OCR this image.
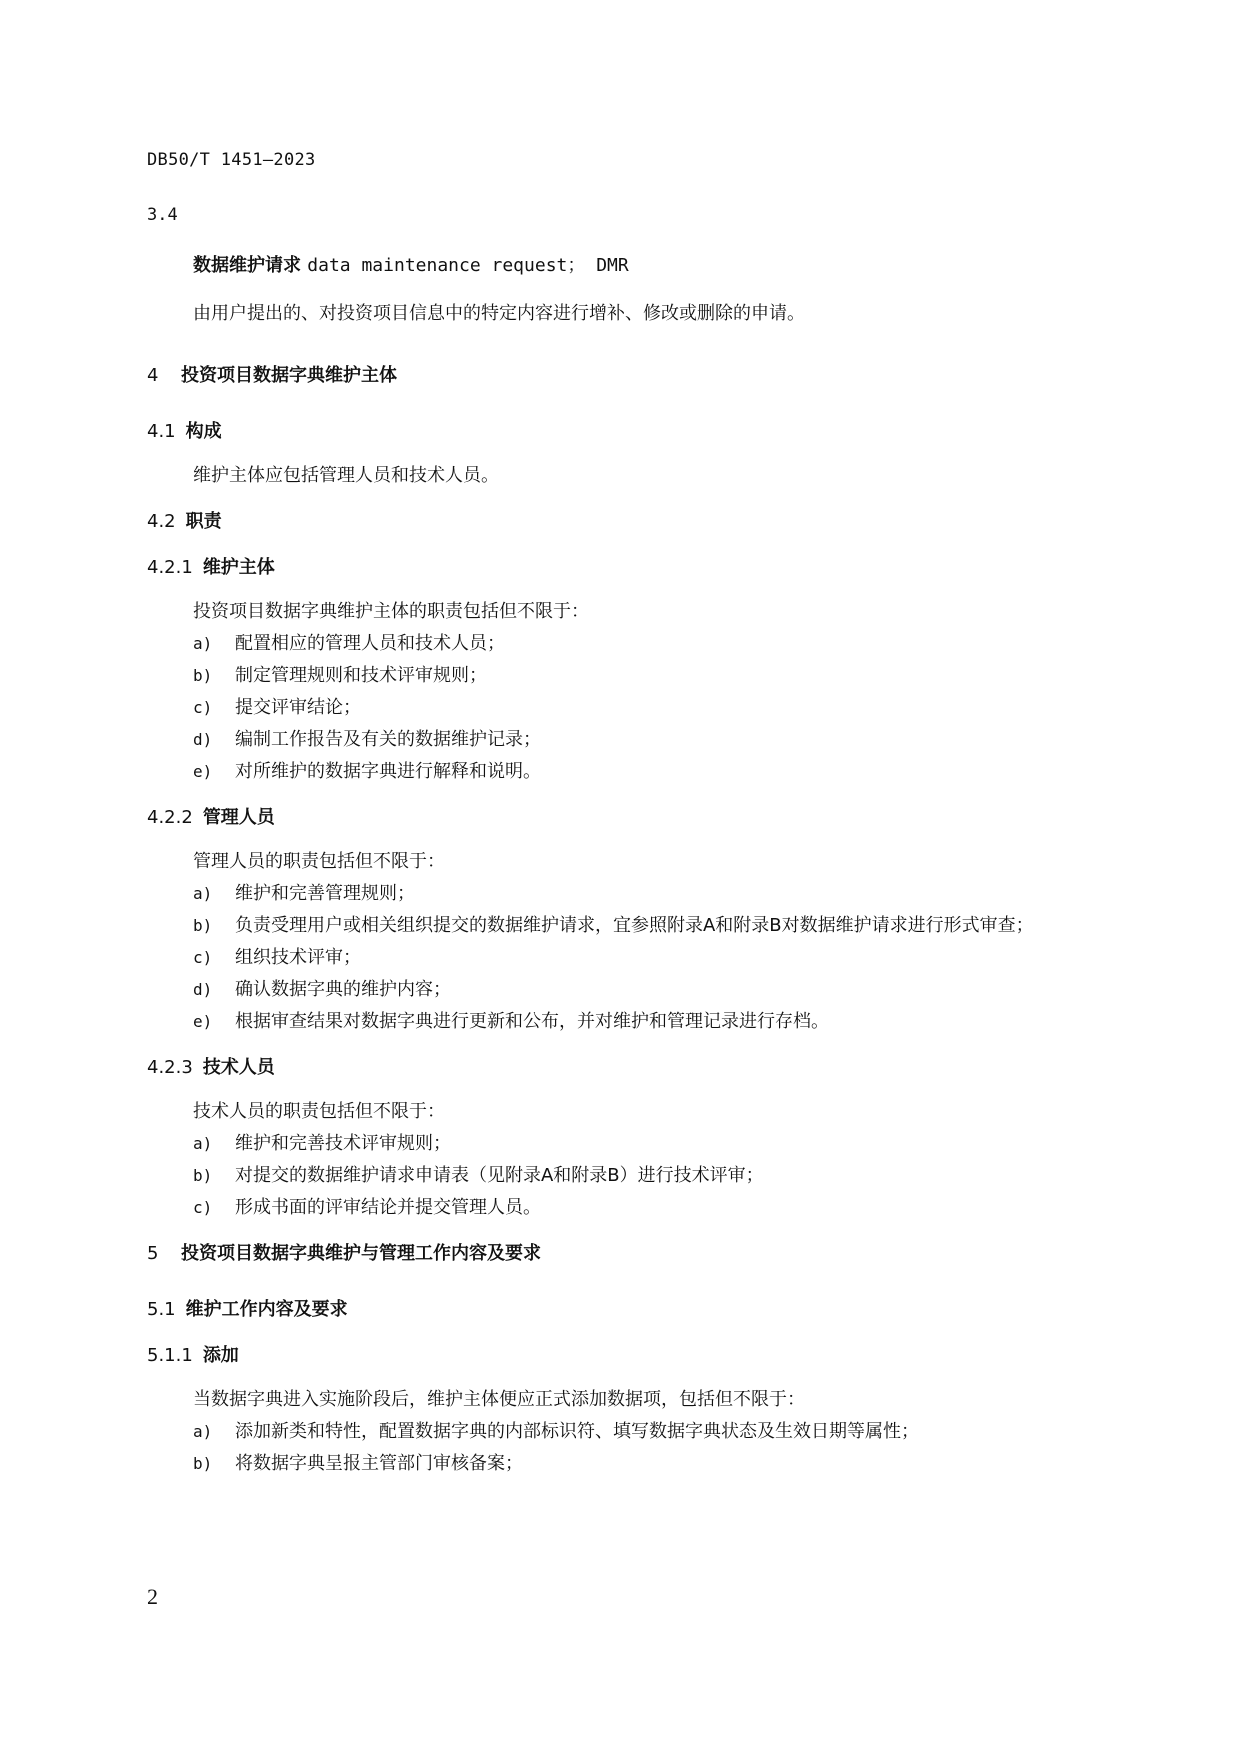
DB50/T 1451—2023
3.4
数据维护请求 data maintenance request； DMR
由用户提出的、对投资项目信息中的特定内容进行增补、修改或删除的申请。
4 投资项目数据字典维护主体
4.1 构成
维护主体应包括管理人员和技术人员。
4.2 职责
4.2.1 维护主体
投资项目数据字典维护主体的职责包括但不限于：
a) 配置相应的管理人员和技术人员；
b) 制定管理规则和技术评审规则；
c) 提交评审结论；
d) 编制工作报告及有关的数据维护记录；
e) 对所维护的数据字典进行解释和说明。
4.2.2 管理人员
管理人员的职责包括但不限于：
a) 维护和完善管理规则；
b) 负责受理用户或相关组织提交的数据维护请求，宜参照附录A和附录B对数据维护请求进行形式审查；
c) 组织技术评审；
d) 确认数据字典的维护内容；
e) 根据审查结果对数据字典进行更新和公布，并对维护和管理记录进行存档。
4.2.3 技术人员
技术人员的职责包括但不限于：
a) 维护和完善技术评审规则；
b) 对提交的数据维护请求申请表（见附录A和附录B）进行技术评审；
c) 形成书面的评审结论并提交管理人员。
5 投资项目数据字典维护与管理工作内容及要求
5.1 维护工作内容及要求
5.1.1 添加
当数据字典进入实施阶段后，维护主体便应正式添加数据项，包括但不限于：
a) 添加新类和特性，配置数据字典的内部标识符、填写数据字典状态及生效日期等属性；
b) 将数据字典呈报主管部门审核备案；
2
